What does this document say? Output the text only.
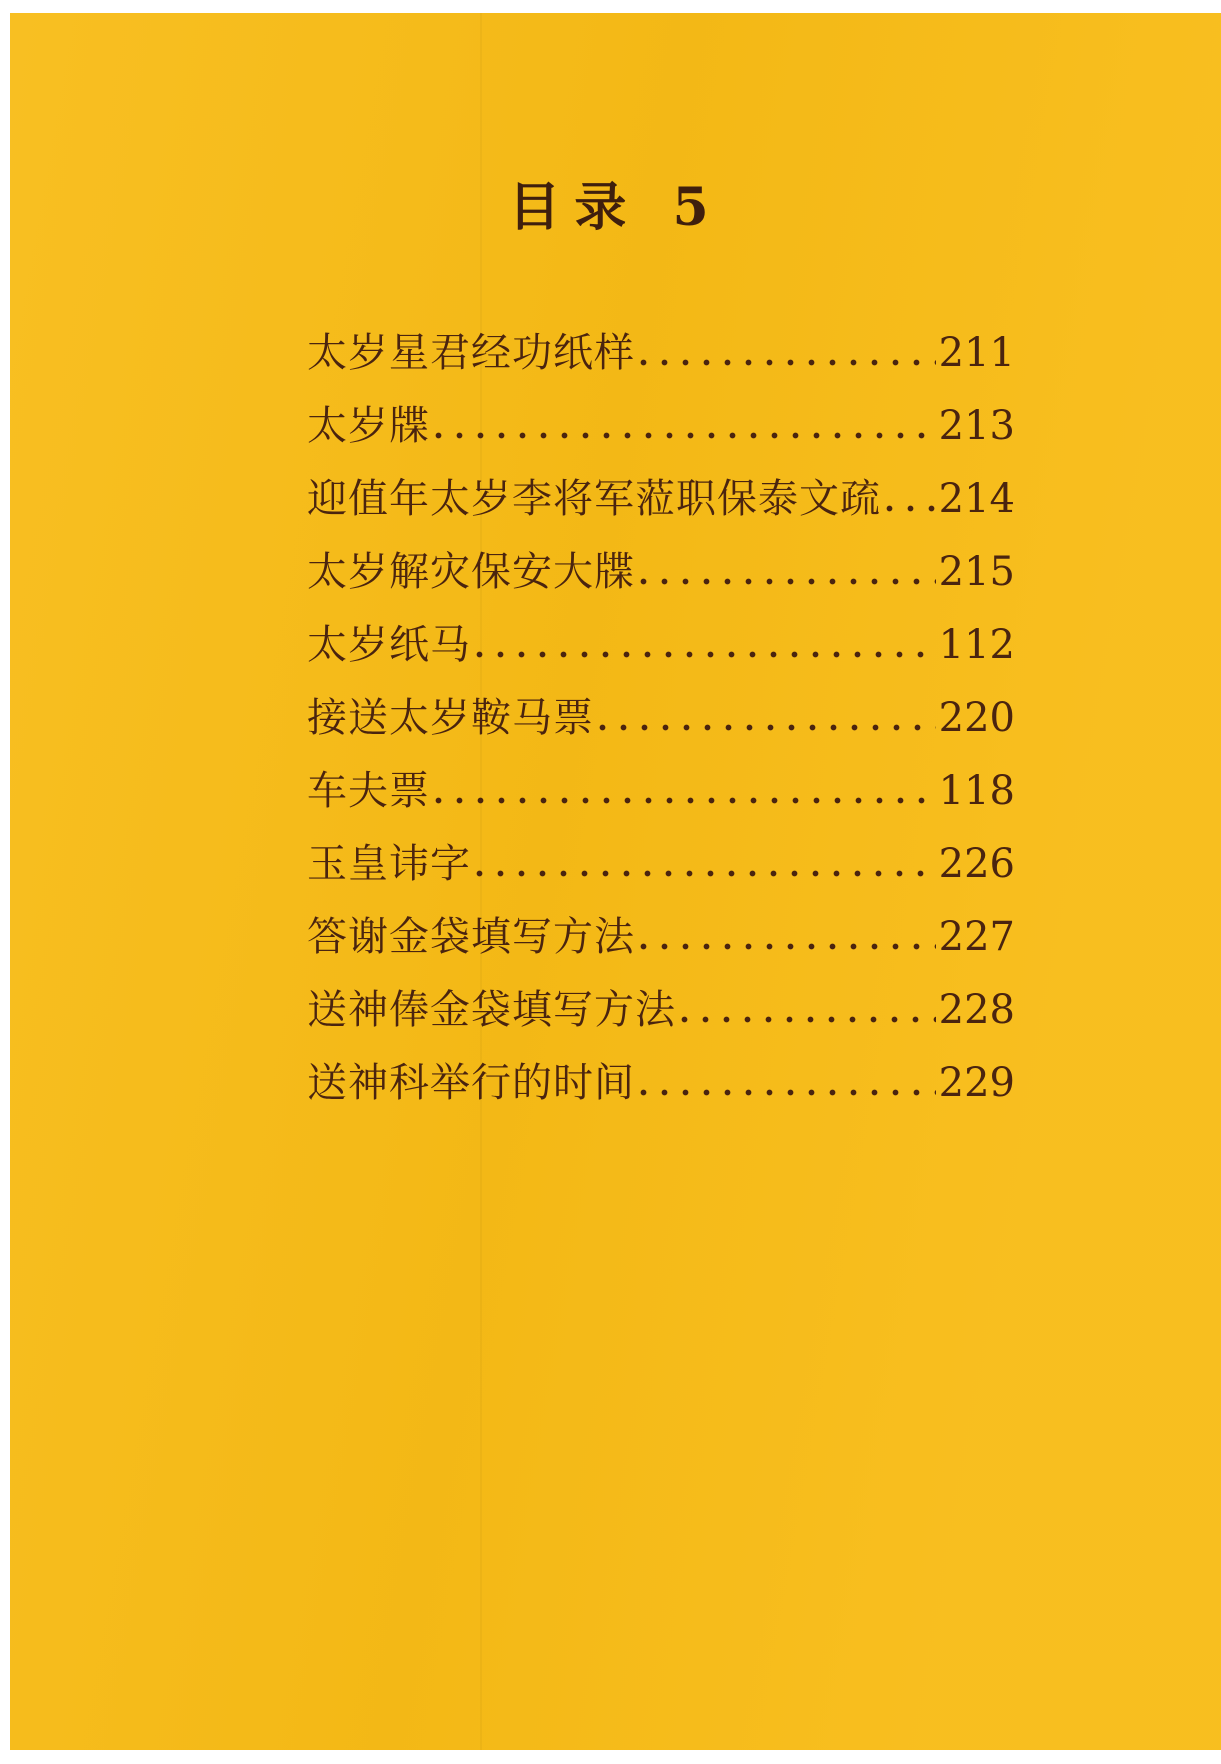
目录 5
太岁星君经功纸样	211
太岁牒	213
迎值年太岁李将军蒞职保泰文疏 214
太岁解灾保安大牒	215
太岁纸马	112
接送太岁鞍马票	220
车夫票	118
玉皇讳字	226
答谢金袋填写方法	227
送神俸金袋填写方法	228
送神科举行的时间	229
